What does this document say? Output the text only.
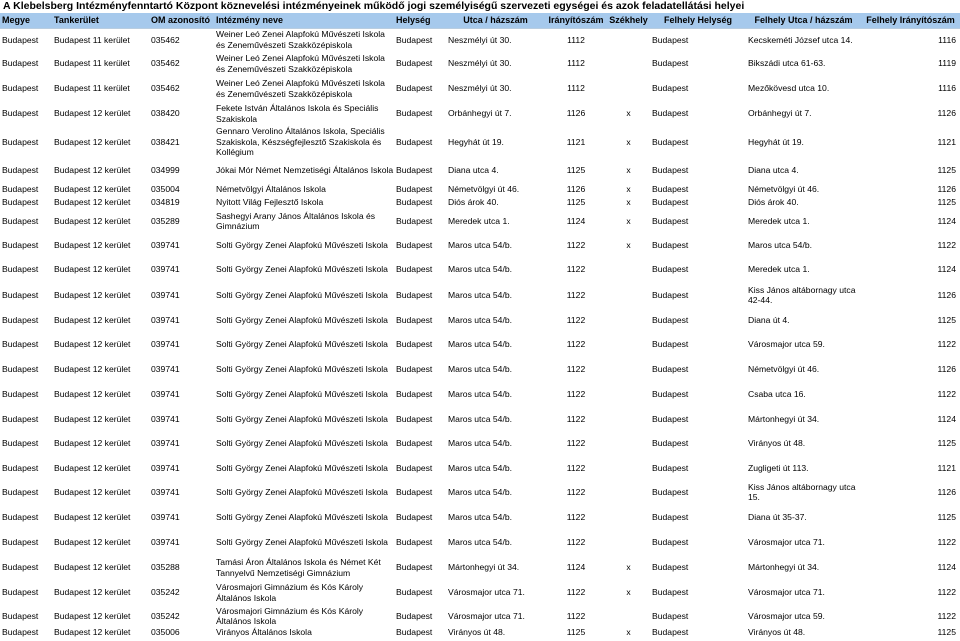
A Klebelsberg Intézményfenntartó Központ köznevelési intézményeinek működő jogi személyiségű szervezeti egységei és azok feladatellátási helyei
Megye	Tankerület	OM azonosító	Intézmény neve	Helység	Utca / házszám	Irányítószám	Székhely	Felhely Helység	Felhely Utca / házszám	Felhely Irányítószám
Budapest	Budapest 11 kerület	035462	Weiner Leó Zenei Alapfokú Művészeti Iskola és Zeneművészeti Szakközépiskola	Budapest	Neszmélyi út 30.	1112		Budapest	Kecskeméti József utca 14.	1116
Budapest	Budapest 11 kerület	035462	Weiner Leó Zenei Alapfokú Művészeti Iskola és Zeneművészeti Szakközépiskola	Budapest	Neszmélyi út 30.	1112		Budapest	Bikszádi utca 61-63.	1119
Budapest	Budapest 11 kerület	035462	Weiner Leó Zenei Alapfokú Művészeti Iskola és Zeneművészeti Szakközépiskola	Budapest	Neszmélyi út 30.	1112		Budapest	Mezőkövesd utca 10.	1116
Budapest	Budapest 12 kerület	038420	Fekete István Általános Iskola és Speciális Szakiskola	Budapest	Orbánhegyi út 7.	1126	x	Budapest	Orbánhegyi út 7.	1126
Budapest	Budapest 12 kerület	038421	Gennaro Verolino Általános Iskola, Speciális Szakiskola, Készségfejlesztő Szakiskola és Kollégium	Budapest	Hegyhát út 19.	1121	x	Budapest	Hegyhát út 19.	1121
Budapest	Budapest 12 kerület	034999	Jókai Mór Német Nemzetiségi Általános Iskola	Budapest	Diana utca 4.	1125	x	Budapest	Diana utca 4.	1125
Budapest	Budapest 12 kerület	035004	Németvölgyi Általános Iskola	Budapest	Németvölgyi út 46.	1126	x	Budapest	Németvölgyi út 46.	1126
Budapest	Budapest 12 kerület	034819	Nyitott Világ Fejlesztő Iskola	Budapest	Diós árok 40.	1125	x	Budapest	Diós árok 40.	1125
Budapest	Budapest 12 kerület	035289	Sashegyi Arany János Általános Iskola és Gimnázium	Budapest	Meredek utca 1.	1124	x	Budapest	Meredek utca 1.	1124
Budapest	Budapest 12 kerület	039741	Solti György Zenei Alapfokú Művészeti Iskola	Budapest	Maros utca 54/b.	1122	x	Budapest	Maros utca 54/b.	1122
Budapest	Budapest 12 kerület	039741	Solti György Zenei Alapfokú Művészeti Iskola	Budapest	Maros utca 54/b.	1122		Budapest	Meredek utca 1.	1124
Budapest	Budapest 12 kerület	039741	Solti György Zenei Alapfokú Művészeti Iskola	Budapest	Maros utca 54/b.	1122		Budapest	Kiss János altábornagy utca 42-44.	1126
Budapest	Budapest 12 kerület	039741	Solti György Zenei Alapfokú Művészeti Iskola	Budapest	Maros utca 54/b.	1122		Budapest	Diana út 4.	1125
Budapest	Budapest 12 kerület	039741	Solti György Zenei Alapfokú Művészeti Iskola	Budapest	Maros utca 54/b.	1122		Budapest	Városmajor utca 59.	1122
Budapest	Budapest 12 kerület	039741	Solti György Zenei Alapfokú Művészeti Iskola	Budapest	Maros utca 54/b.	1122		Budapest	Németvölgyi út 46.	1126
Budapest	Budapest 12 kerület	039741	Solti György Zenei Alapfokú Művészeti Iskola	Budapest	Maros utca 54/b.	1122		Budapest	Csaba utca 16.	1122
Budapest	Budapest 12 kerület	039741	Solti György Zenei Alapfokú Művészeti Iskola	Budapest	Maros utca 54/b.	1122		Budapest	Mártonhegyi út 34.	1124
Budapest	Budapest 12 kerület	039741	Solti György Zenei Alapfokú Művészeti Iskola	Budapest	Maros utca 54/b.	1122		Budapest	Virányos út 48.	1125
Budapest	Budapest 12 kerület	039741	Solti György Zenei Alapfokú Művészeti Iskola	Budapest	Maros utca 54/b.	1122		Budapest	Zugligeti út 113.	1121
Budapest	Budapest 12 kerület	039741	Solti György Zenei Alapfokú Művészeti Iskola	Budapest	Maros utca 54/b.	1122		Budapest	Kiss János altábornagy utca 15.	1126
Budapest	Budapest 12 kerület	039741	Solti György Zenei Alapfokú Művészeti Iskola	Budapest	Maros utca 54/b.	1122		Budapest	Diana út 35-37.	1125
Budapest	Budapest 12 kerület	039741	Solti György Zenei Alapfokú Művészeti Iskola	Budapest	Maros utca 54/b.	1122		Budapest	Városmajor utca 71.	1122
Budapest	Budapest 12 kerület	035288	Tamási Áron Általános Iskola és Német Két Tannyelvű Nemzetiségi Gimnázium	Budapest	Mártonhegyi út 34.	1124	x	Budapest	Mártonhegyi út 34.	1124
Budapest	Budapest 12 kerület	035242	Városmajori Gimnázium és Kós Károly Általános Iskola	Budapest	Városmajor utca 71.	1122	x	Budapest	Városmajor utca 71.	1122
Budapest	Budapest 12 kerület	035242	Városmajori Gimnázium és Kós Károly Általános Iskola	Budapest	Városmajor utca 71.	1122		Budapest	Városmajor utca 59.	1122
Budapest	Budapest 12 kerület	035006	Virányos Általános Iskola	Budapest	Virányos út 48.	1125	x	Budapest	Virányos út 48.	1125
